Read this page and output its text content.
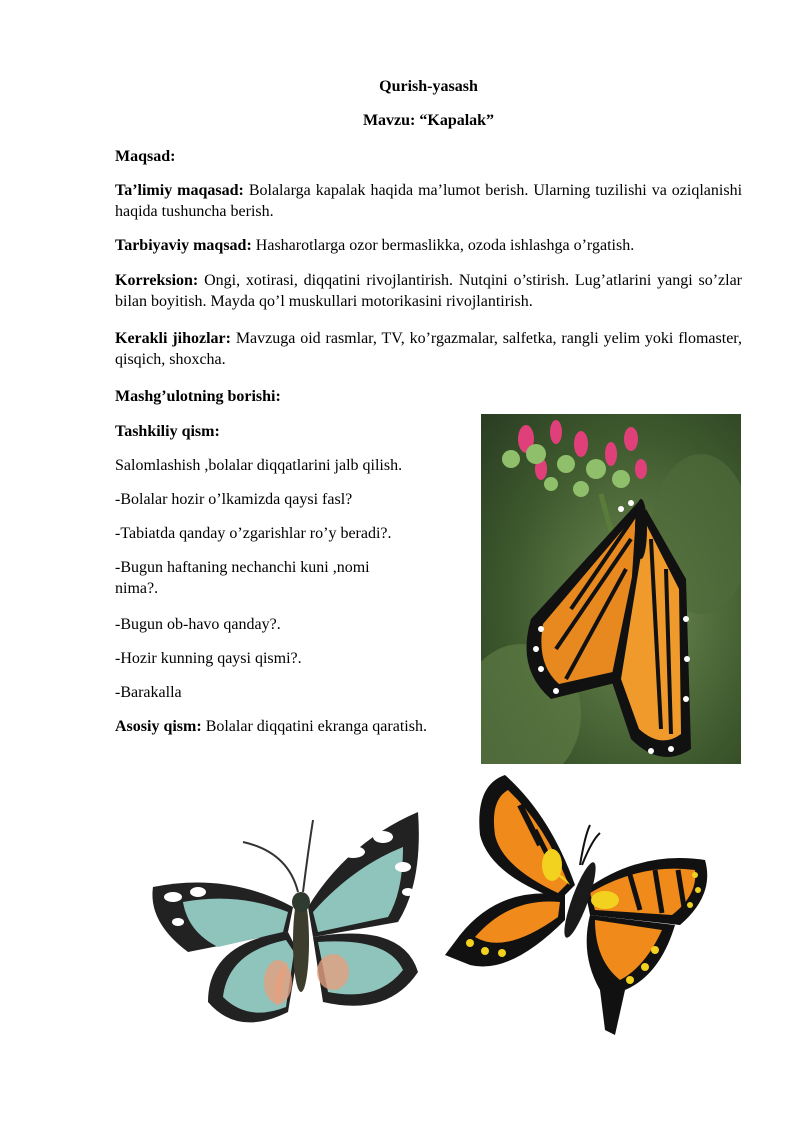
Qurish-yasash
Mavzu: “Kapalak”
Maqsad:
Ta’limiy maqasad: Bolalarga kapalak haqida ma’lumot berish. Ularning tuzilishi va oziqlanishi haqida tushuncha berish.
Tarbiyaviy maqsad: Hasharotlarga ozor bermaslikka, ozoda ishlashga o’rgatish.
Korreksion: Ongi, xotirasi, diqqatini rivojlantirish. Nutqini o’stirish. Lug’atlarini yangi so’zlar bilan boyitish. Mayda qo’l muskullari motorikasini rivojlantirish.
Kerakli jihozlar: Mavzuga oid rasmlar, TV, ko’rgazmalar, salfetka, rangli yelim yoki flomaster, qisqich, shoxcha.
Mashg’ulotning borishi:
Tashkiliy qism:
Salomlashish ,bolalar diqqatlarini jalb qilish.
-Bolalar hozir o’lkamizda qaysi fasl?
-Tabiatda qanday o’zgarishlar ro’y beradi?.
-Bugun haftaning nechanchi kuni ,nomi nima?.
-Bugun ob-havo qanday?.
-Hozir kunning qaysi qismi?.
-Barakalla
Asosiy qism: Bolalar diqqatini ekranga qaratish.
